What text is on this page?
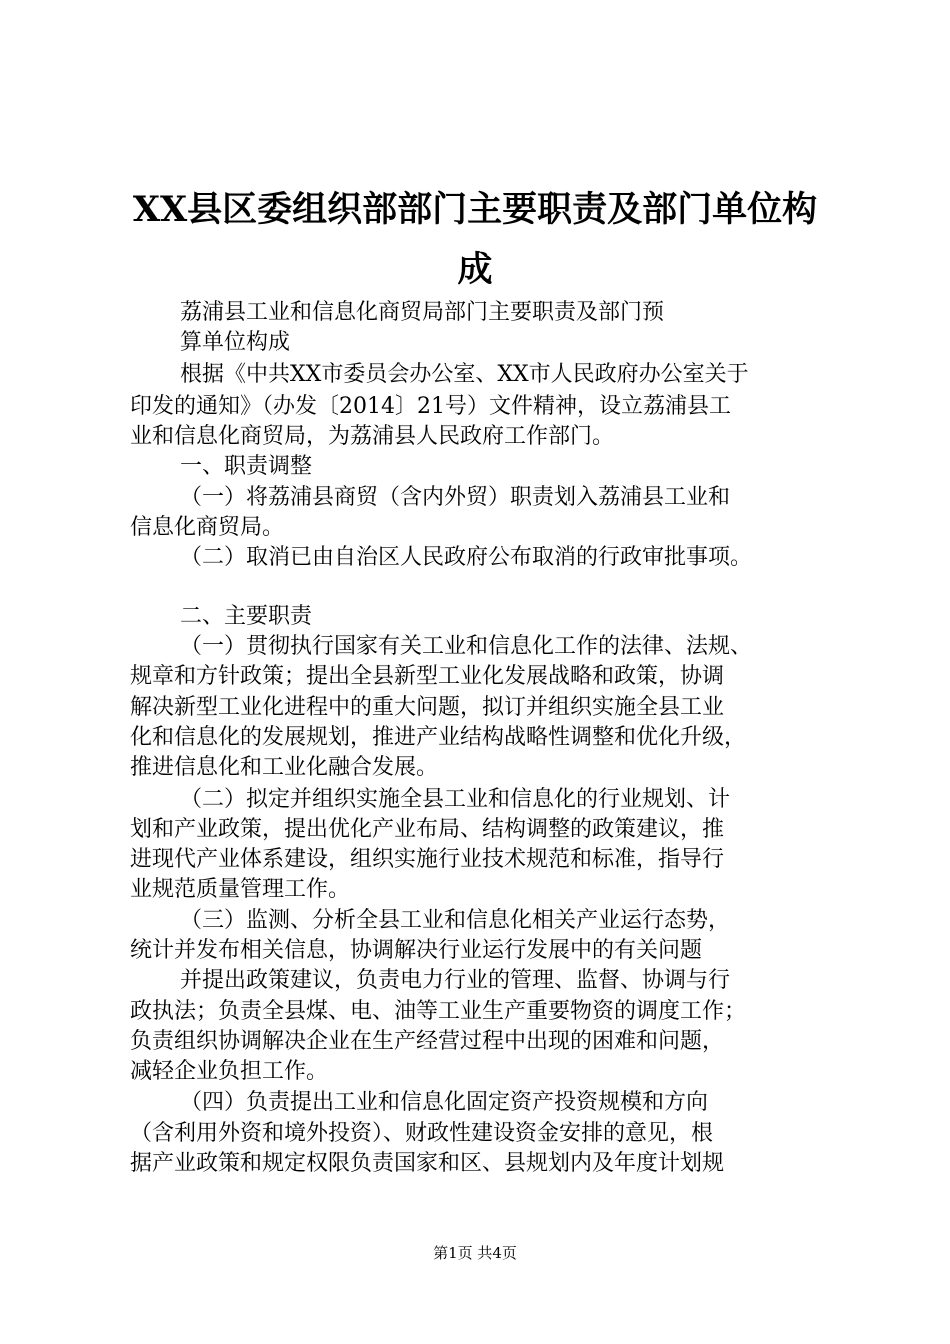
XX县区委组织部部门主要职责及部门单位构
成
荔浦县工业和信息化商贸局部门主要职责及部门预
算单位构成
根据《中共XX市委员会办公室、XX市人民政府办公室关于
印发的通知》（办发〔2014〕21号）文件精神，设立荔浦县工
业和信息化商贸局，为荔浦县人民政府工作部门。
一、职责调整
（一）将荔浦县商贸（含内外贸）职责划入荔浦县工业和
信息化商贸局。
（二）取消已由自治区人民政府公布取消的行政审批事项。
二、主要职责
（一）贯彻执行国家有关工业和信息化工作的法律、法规、
规章和方针政策；提出全县新型工业化发展战略和政策，协调
解决新型工业化进程中的重大问题，拟订并组织实施全县工业
化和信息化的发展规划，推进产业结构战略性调整和优化升级，
推进信息化和工业化融合发展。
（二）拟定并组织实施全县工业和信息化的行业规划、计
划和产业政策，提出优化产业布局、结构调整的政策建议，推
进现代产业体系建设，组织实施行业技术规范和标准，指导行
业规范质量管理工作。
（三）监测、分析全县工业和信息化相关产业运行态势，
统计并发布相关信息，协调解决行业运行发展中的有关问题
并提出政策建议，负责电力行业的管理、监督、协调与行
政执法；负责全县煤、电、油等工业生产重要物资的调度工作；
负责组织协调解决企业在生产经营过程中出现的困难和问题，
减轻企业负担工作。
（四）负责提出工业和信息化固定资产投资规模和方向
（含利用外资和境外投资）、财政性建设资金安排的意见，根
据产业政策和规定权限负责国家和区、县规划内及年度计划规
第1页 共4页
